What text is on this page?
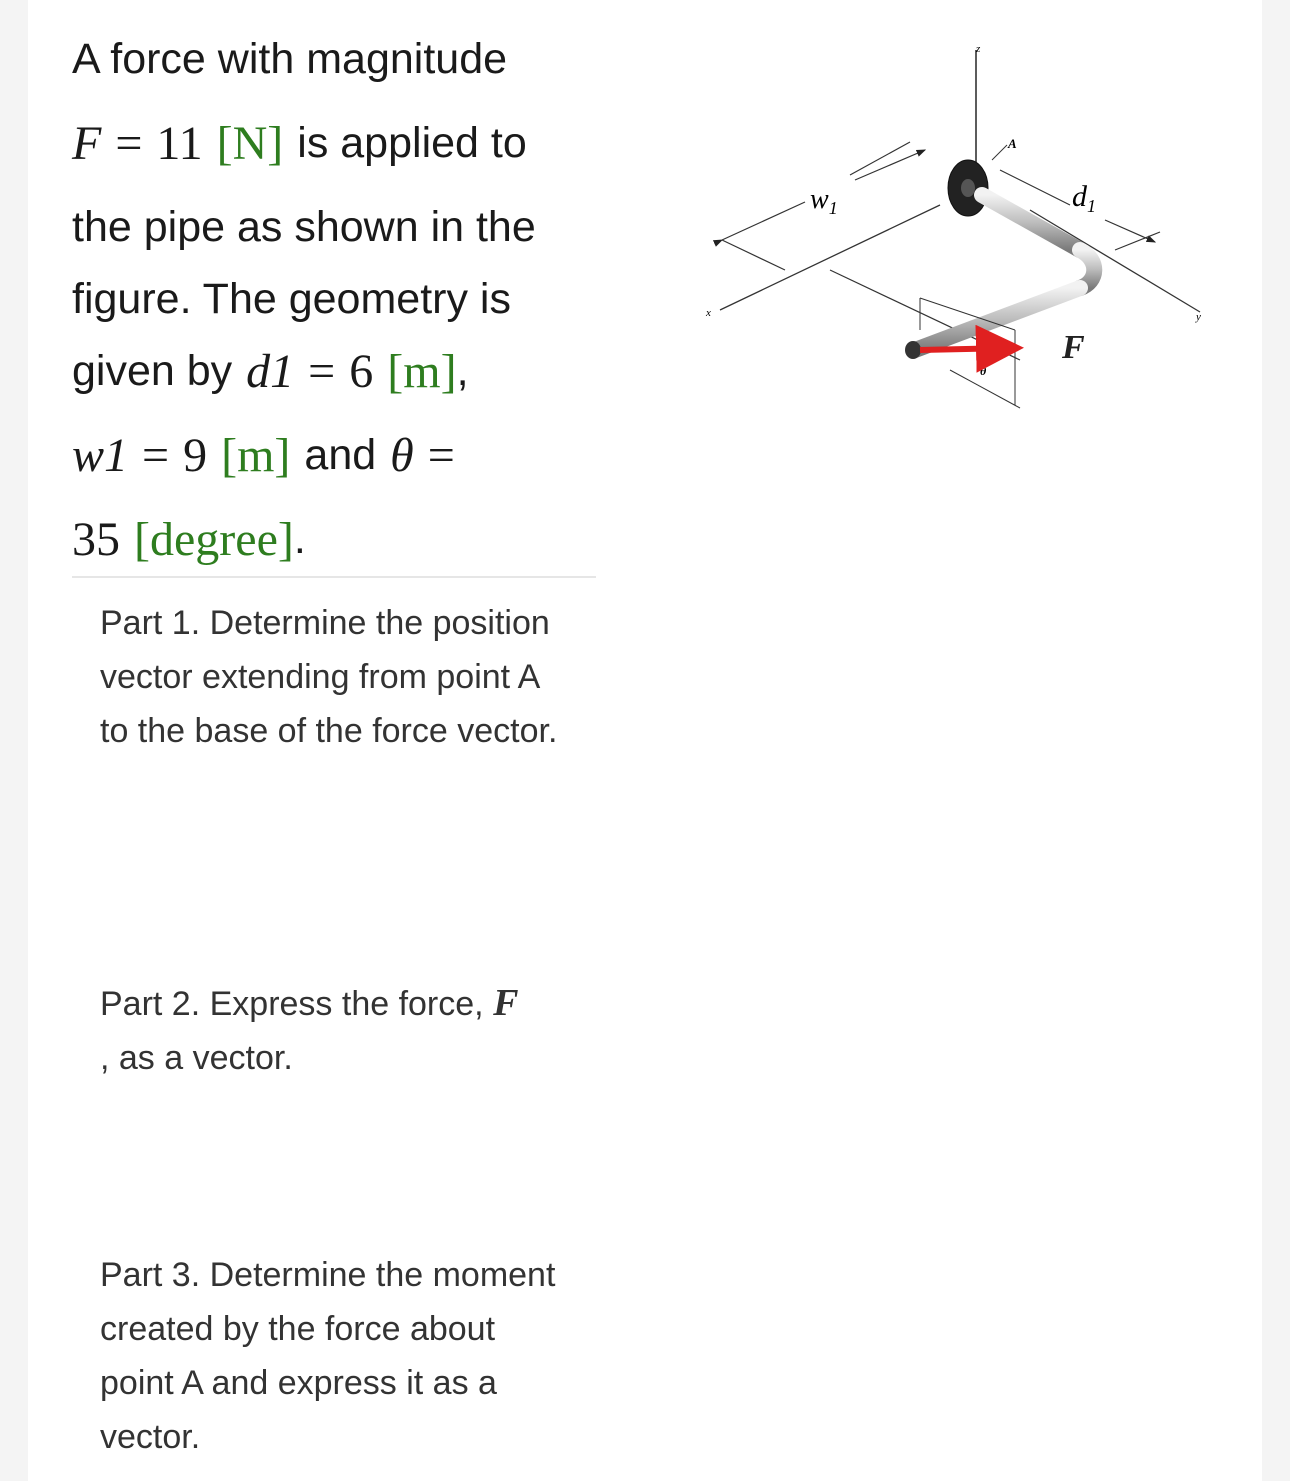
A force with magnitude
F = 11 [N] is applied to
the pipe as shown in the
figure. The geometry is
given by d1 = 6 [m] ,
w1 = 9 [m] and θ =
35 [degree] .
z
x	y
$w_1$	$d_1$
A
θ
F
Part 1. Determine the position vector extending from point A to the base of the force vector.
Part 2. Express the force, F
, as a vector.
Part 3. Determine the moment created by the force about point A and express it as a vector.
